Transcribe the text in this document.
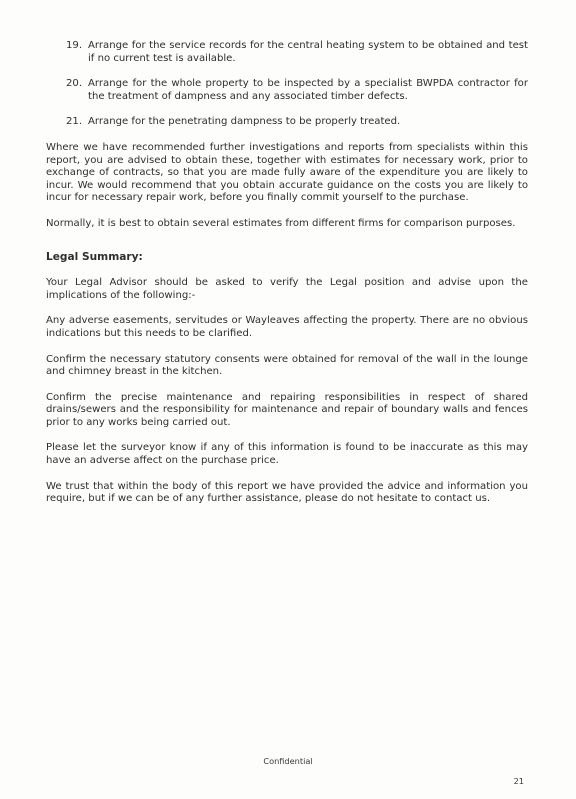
19. Arrange for the service records for the central heating system to be obtained and test if no current test is available.
20. Arrange for the whole property to be inspected by a specialist BWPDA contractor for the treatment of dampness and any associated timber defects.
21. Arrange for the penetrating dampness to be properly treated.

Where we have recommended further investigations and reports from specialists within this report, you are advised to obtain these, together with estimates for necessary work, prior to exchange of contracts, so that you are made fully aware of the expenditure you are likely to incur. We would recommend that you obtain accurate guidance on the costs you are likely to incur for necessary repair work, before you finally commit yourself to the purchase.

Normally, it is best to obtain several estimates from different firms for comparison purposes.

Legal Summary:

Your Legal Advisor should be asked to verify the Legal position and advise upon the implications of the following:-

Any adverse easements, servitudes or Wayleaves affecting the property. There are no obvious indications but this needs to be clarified.

Confirm the necessary statutory consents were obtained for removal of the wall in the lounge and chimney breast in the kitchen.

Confirm the precise maintenance and repairing responsibilities in respect of shared drains/sewers and the responsibility for maintenance and repair of boundary walls and fences prior to any works being carried out.

Please let the surveyor know if any of this information is found to be inaccurate as this may have an adverse affect on the purchase price.

We trust that within the body of this report we have provided the advice and information you require, but if we can be of any further assistance, please do not hesitate to contact us.

Confidential
21
